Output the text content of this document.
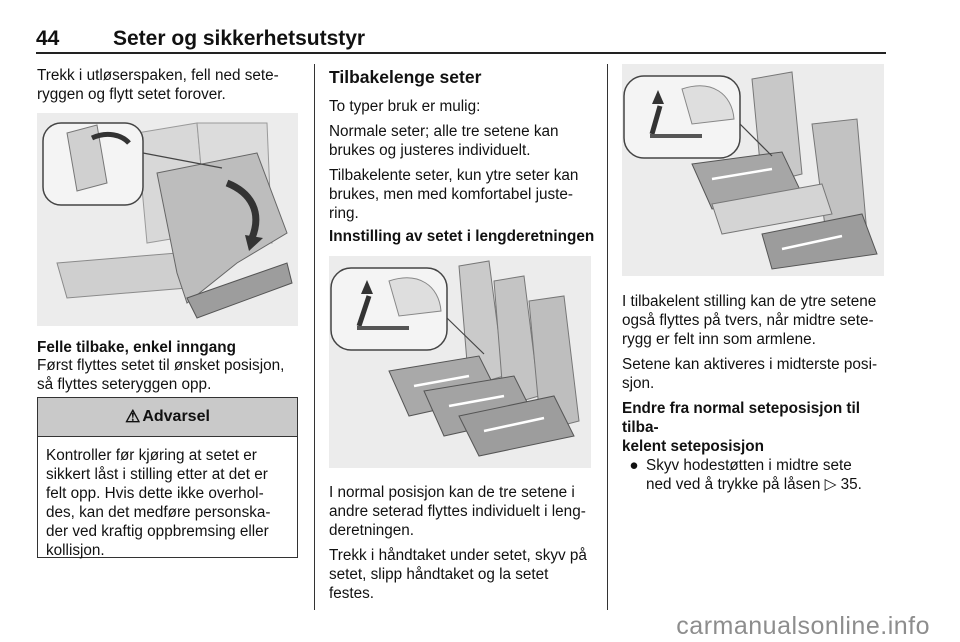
44	Seter og sikkerhetsutstyr
Trekk i utløserspaken, fell ned sete-
ryggen og flytt setet forover.
Felle tilbake, enkel inngang
Først flyttes setet til ønsket posisjon,
så flyttes seteryggen opp.
⚠ Advarsel
Kontroller før kjøring at setet er
sikkert låst i stilling etter at det er
felt opp. Hvis dette ikke overhol-
des, kan det medføre personska-
der ved kraftig oppbremsing eller
kollisjon.
Tilbakelenge seter

To typer bruk er mulig:

Normale seter; alle tre setene kan
brukes og justeres individuelt.

Tilbakelente seter, kun ytre seter kan
brukes, men med komfortabel juste-
ring.

Innstilling av setet i lengderetningen

I normal posisjon kan de tre setene i
andre seterad flyttes individuelt i leng-
deretningen.

Trekk i håndtaket under setet, skyv på
setet, slipp håndtaket og la setet
festes.

I tilbakelent stilling kan de ytre setene
også flyttes på tvers, når midtre sete-
rygg er felt inn som armlene.

Setene kan aktiveres i midterste posi-
sjon.

Endre fra normal seteposisjon til tilba-
kelent seteposisjon
● Skyv hodestøtten i midtre sete
ned ved å trykke på låsen ▷ 35.
carmanualsonline.info
